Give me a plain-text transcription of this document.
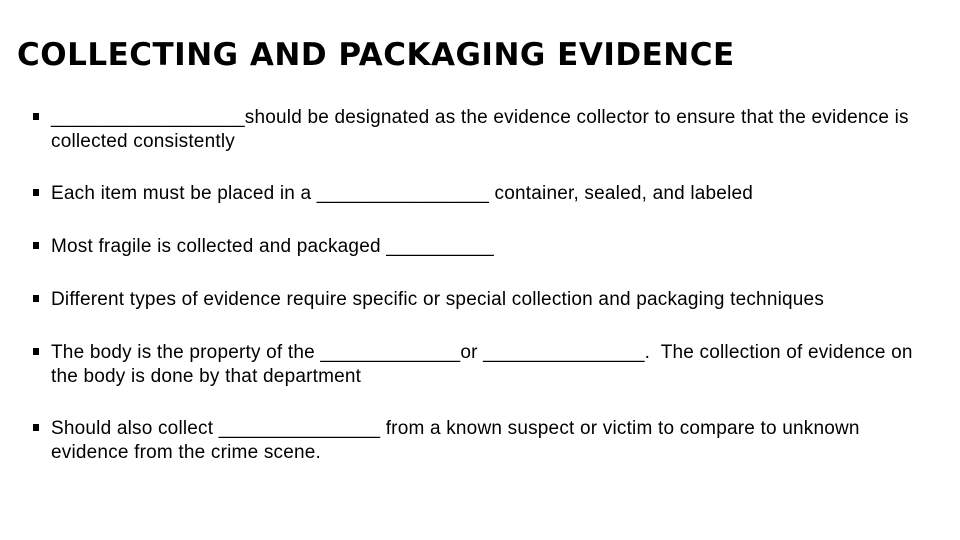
COLLECTING AND PACKAGING EVIDENCE
__________________should be designated as the evidence collector to ensure that the evidence is collected consistently
Each item must be placed in a ________________ container, sealed, and labeled
Most fragile is collected and packaged __________
Different types of evidence require specific or special collection and packaging techniques
The body is the property of the _____________or _______________.  The collection of evidence on the body is done by that department
Should also collect _______________ from a known suspect or victim to compare to unknown evidence from the crime scene.
